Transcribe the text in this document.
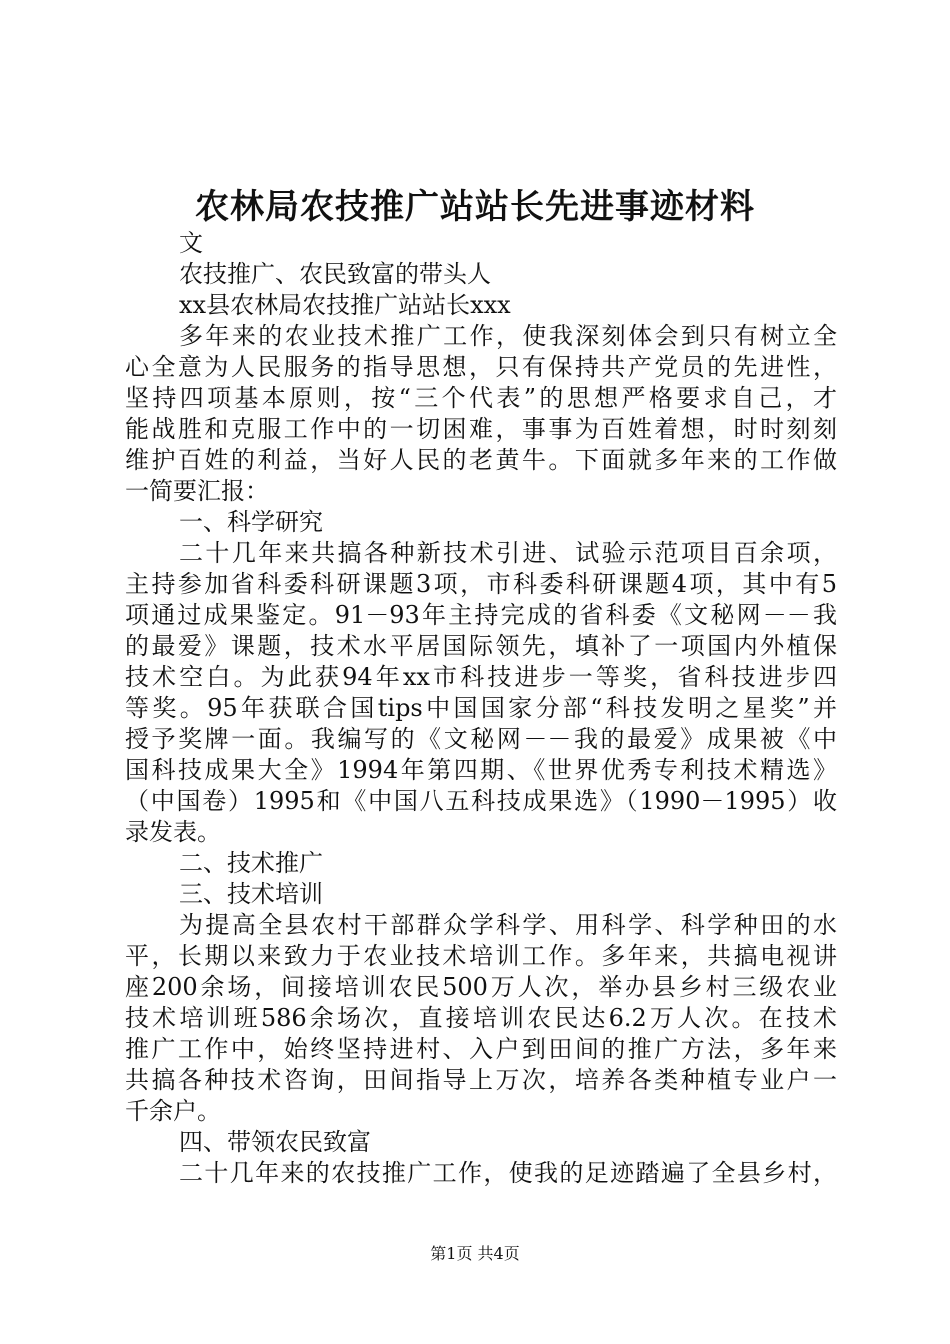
农林局农技推广站站长先进事迹材料
文
农技推广、农民致富的带头人
xx县农林局农技推广站站长xxx
多年来的农业技术推广工作，使我深刻体会到只有树立全
心全意为人民服务的指导思想，只有保持共产党员的先进性，
坚持四项基本原则，按“三个代表”的思想严格要求自己，才
能战胜和克服工作中的一切困难，事事为百姓着想，时时刻刻
维护百姓的利益，当好人民的老黄牛。下面就多年来的工作做
一简要汇报：
一、科学研究
二十几年来共搞各种新技术引进、试验示范项目百余项，
主持参加省科委科研课题3项，市科委科研课题4项，其中有5
项通过成果鉴定。91－93年主持完成的省科委《文秘网－－我
的最爱》课题，技术水平居国际领先，填补了一项国内外植保
技术空白。为此获94年xx市科技进步一等奖，省科技进步四
等奖。95年获联合国tips中国国家分部“科技发明之星奖”并
授予奖牌一面。我编写的《文秘网－－我的最爱》成果被《中
国科技成果大全》1994年第四期、《世界优秀专利技术精选》
（中国卷）1995和《中国八五科技成果选》（1990－1995）收
录发表。
二、技术推广
三、技术培训
为提高全县农村干部群众学科学、用科学、科学种田的水
平，长期以来致力于农业技术培训工作。多年来，共搞电视讲
座200余场，间接培训农民500万人次，举办县乡村三级农业
技术培训班586余场次，直接培训农民达6.2万人次。在技术
推广工作中，始终坚持进村、入户到田间的推广方法，多年来
共搞各种技术咨询，田间指导上万次，培养各类种植专业户一
千余户。
四、带领农民致富
二十几年来的农技推广工作，使我的足迹踏遍了全县乡村，
第1页 共4页
